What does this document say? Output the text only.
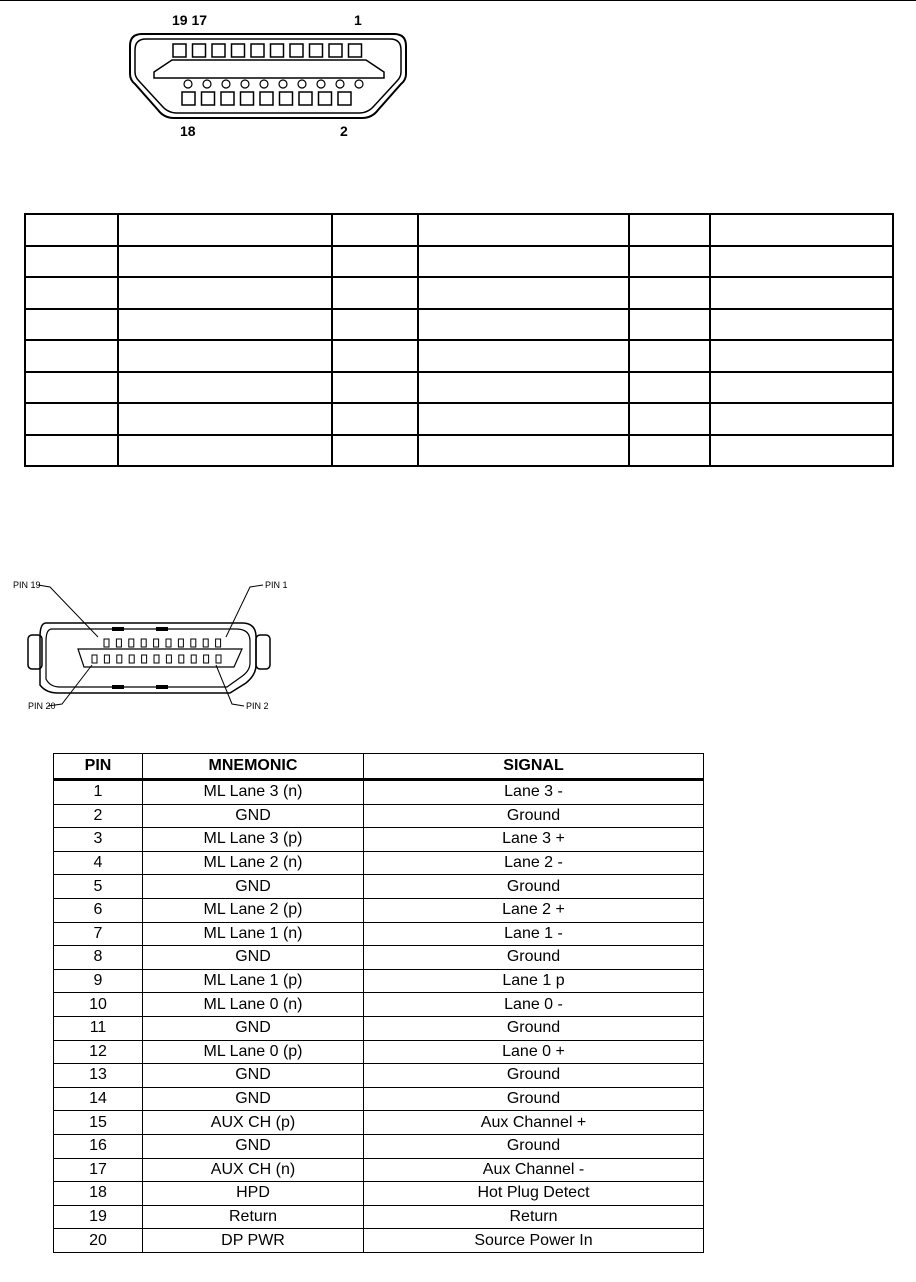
19 17	1
18	2

PIN 19	PIN 1
PIN 20	PIN 2
PIN	MNEMONIC	SIGNAL
1	ML Lane 3 (n)	Lane 3 -
2	GND	Ground
3	ML Lane 3 (p)	Lane 3 +
4	ML Lane 2 (n)	Lane 2 -
5	GND	Ground
6	ML Lane 2 (p)	Lane 2 +
7	ML Lane 1 (n)	Lane 1 -
8	GND	Ground
9	ML Lane 1 (p)	Lane 1 p
10	ML Lane 0 (n)	Lane 0 -
11	GND	Ground
12	ML Lane 0 (p)	Lane 0 +
13	GND	Ground
14	GND	Ground
15	AUX CH (p)	Aux Channel +
16	GND	Ground
17	AUX CH (n)	Aux Channel -
18	HPD	Hot Plug Detect
19	Return	Return
20	DP PWR	Source Power In
